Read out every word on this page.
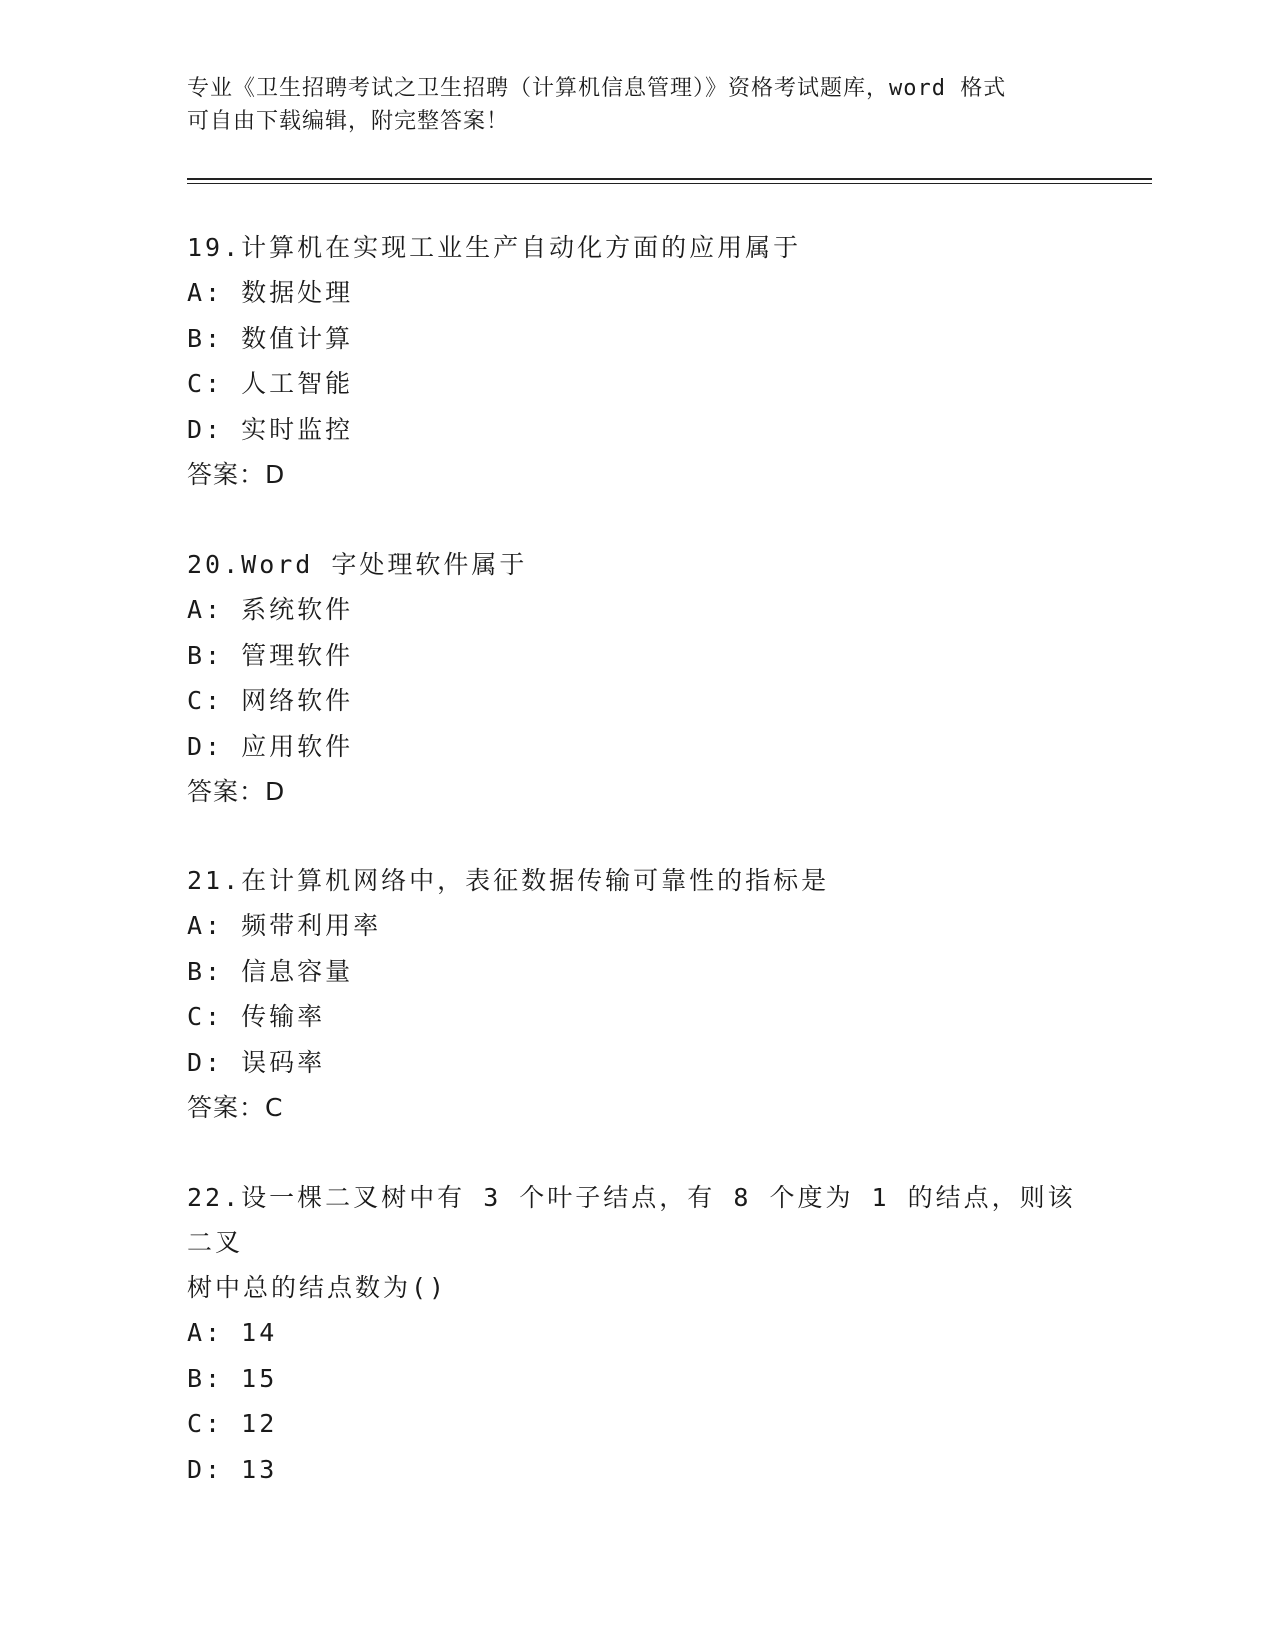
专业《卫生招聘考试之卫生招聘（计算机信息管理）》资格考试题库，word 格式
可自由下载编辑，附完整答案！
19.计算机在实现工业生产自动化方面的应用属于
A: 数据处理
B: 数值计算
C: 人工智能
D: 实时监控
答案：D
20.Word 字处理软件属于
A: 系统软件
B: 管理软件
C: 网络软件
D: 应用软件
答案：D
21.在计算机网络中，表征数据传输可靠性的指标是
A: 频带利用率
B: 信息容量
C: 传输率
D: 误码率
答案：C
22.设一棵二叉树中有 3 个叶子结点，有 8 个度为 1 的结点，则该二叉
树中总的结点数为()
A: 14
B: 15
C: 12
D: 13
